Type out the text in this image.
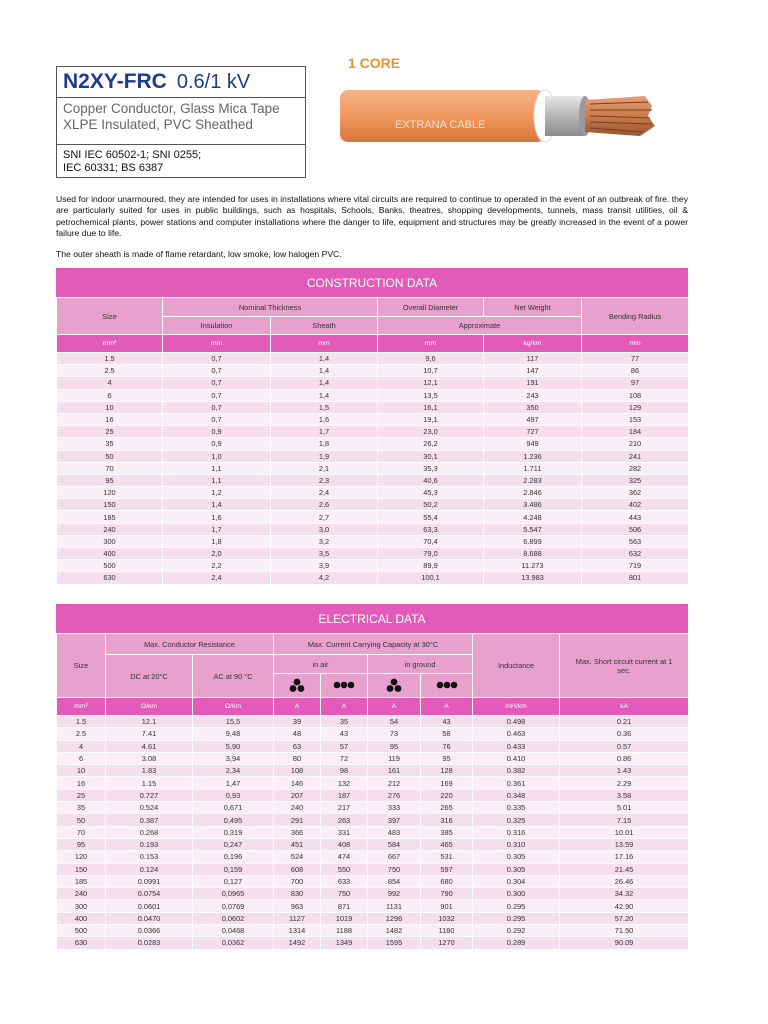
N2XY-FRC 0.6/1 kV
Copper Conductor, Glass Mica Tape
XLPE Insulated, PVC Sheathed
SNI IEC 60502-1; SNI 0255;
IEC 60331; BS 6387
1 CORE
EXTRANA CABLE
Used for indoor unarmoured, they are intended for uses in installations where vital circuits are required to continue to operated in the event of an outbreak of fire. they are particularly suited for uses in public buildings, such as hospitals, Schools, Banks, theatres, shopping developments, tunnels, mass transit utilities, oil & petrochemical plants, power stations and computer installations where the danger to life, equipment and structures may be greatly increased in the event of a power failure due to life.
The outer sheath is made of flame retardant, low smoke, low halogen PVC.
CONSTRUCTION DATA
Size	Nominal Thickness		Overall Diameter	Net Weight	Bending Radius
	Insulation	Sheath	Approximate		
mm²	mm	mm	mm	kg/km	mm
1.5	0,7	1,4	9,6	117	77
2.5	0,7	1,4	10,7	147	86
4	0,7	1,4	12,1	191	97
6	0,7	1,4	13,5	243	108
10	0,7	1,5	16,1	350	129
16	0,7	1,6	19,1	497	153
25	0,9	1,7	23,0	727	184
35	0,9	1,8	26,2	949	210
50	1,0	1,9	30,1	1.236	241
70	1,1	2,1	35,3	1.711	282
95	1,1	2,3	40,6	2.283	325
120	1,2	2,4	45,3	2.846	362
150	1,4	2,6	50,2	3.486	402
185	1,6	2,7	55,4	4.248	443
240	1,7	3,0	63,3	5.547	506
300	1,8	3,2	70,4	6.899	563
400	2,0	3,5	79,0	8.688	632
500	2,2	3,9	89,9	11.273	719
630	2,4	4,2	100,1	13.983	801
ELECTRICAL DATA
Size	Max. Conductor Resistance		Max. Current Carrying Capacity at 30°C				Inductance	Max. Short circuit current at 1 sec.
	DC at 20°C	AC at 90 °C	in air		in ground			

mm²	Ω/km	Ω/km	A	A	A	A	mH/km	kA
1.5	12.1	15,5	39	35	54	43	0.498	0.21
2.5	7.41	9,48	48	43	73	58	0.463	0.36
4	4.61	5,90	63	57	95	76	0.433	0.57
6	3.08	3,94	80	72	119	95	0.410	0.86
10	1.83	2,34	108	98	161	128	0.382	1.43
16	1.15	1,47	146	132	212	169	0.361	2.29
25	0.727	0,93	207	187	276	220	0.348	3.58
35	0.524	0,671	240	217	333	265	0.335	5.01
50	0.387	0,495	291	263	397	316	0.325	7.15
70	0.268	0,319	366	331	483	385	0.316	10.01
95	0.193	0,247	451	408	584	465	0.310	13.59
120	0.153	0,196	524	474	667	531	0.305	17.16
150	0.124	0,159	608	550	750	597	0.305	21.45
185	0.0991	0,127	700	633	854	680	0.304	26.46
240	0.0754	0,0965	830	750	992	790	0.300	34.32
300	0.0601	0,0769	963	871	1131	901	0.295	42.90
400	0.0470	0,0602	1127	1019	1296	1032	0.295	57.20
500	0.0366	0,0468	1314	1188	1482	1180	0.292	71.50
630	0.0283	0,0362	1492	1349	1595	1270	0.289	90.09
